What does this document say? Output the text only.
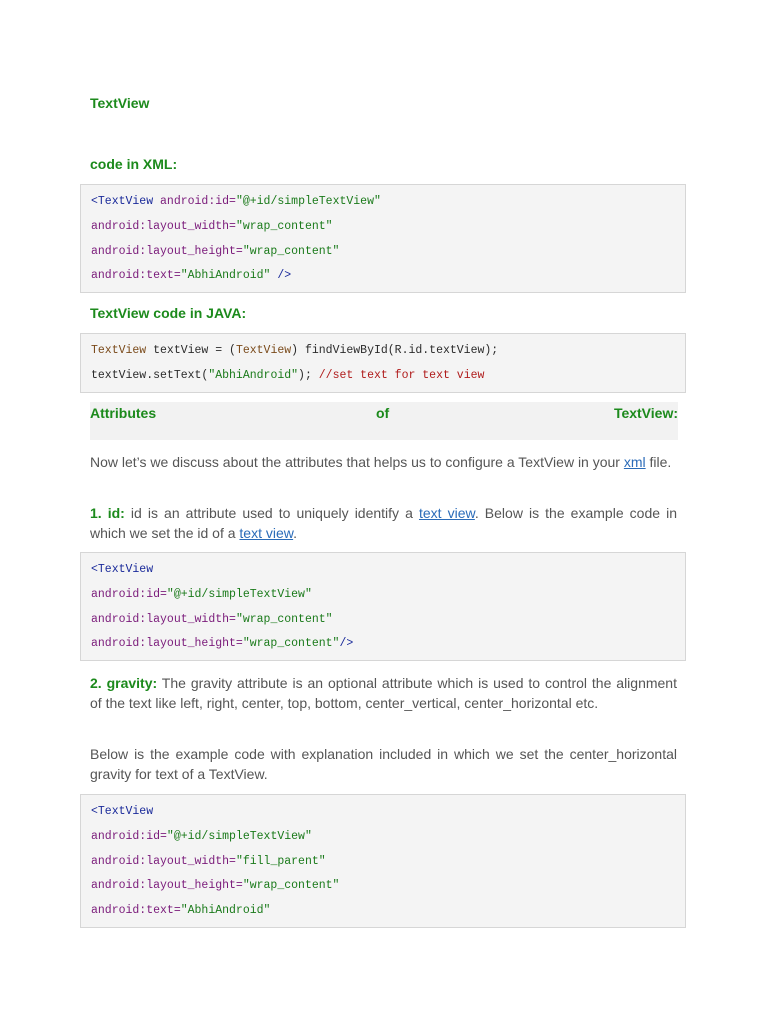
TextView
code in XML:
<TextView android:id="@+id/simpleTextView"
android:layout_width="wrap_content"
android:layout_height="wrap_content"
android:text="AbhiAndroid" />
TextView code in JAVA:
TextView textView = (TextView) findViewById(R.id.textView);
textView.setText("AbhiAndroid"); //set text for text view
Attributes	of	TextView:
Now let’s we discuss about the attributes that helps us to configure a TextView in your xml file.
1. id: id is an attribute used to uniquely identify a text view. Below is the example code in which we set the id of a text view.
<TextView
android:id="@+id/simpleTextView"
android:layout_width="wrap_content"
android:layout_height="wrap_content"/>
2. gravity: The gravity attribute is an optional attribute which is used to control the alignment of the text like left, right, center, top, bottom, center_vertical, center_horizontal etc.
Below is the example code with explanation included in which we set the center_horizontal gravity for text of a TextView.
<TextView
android:id="@+id/simpleTextView"
android:layout_width="fill_parent"
android:layout_height="wrap_content"
android:text="AbhiAndroid"
